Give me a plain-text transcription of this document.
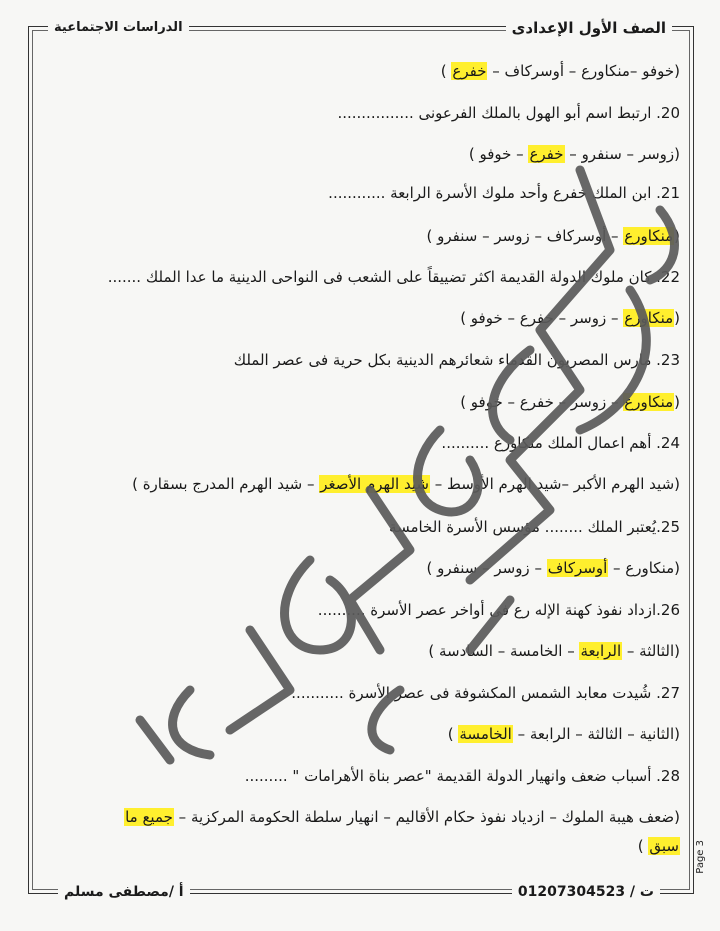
الصف الأول الإعدادى
الدراسات الاجتماعية
(خوفو –منكاورع – أوسركاف – خفرع )
20. ارتبط اسم أبو الهول بالملك الفرعونى ................
(زوسر – سنفرو – خفرع – خوفو )
21. ابن الملك خفرع وأحد ملوك الأسرة الرابعة ............
(منكاورع – أوسركاف – زوسر – سنفرو )
22. كان ملوك الدولة القديمة اكثر تضييقاً على الشعب فى النواحى الدينية ما عدا الملك .......
(منكاورع – زوسر – خفرع – خوفو )
23. مارس المصريون القدماء شعائرهم الدينية بكل حرية فى عصر الملك
(منكاورع – زوسر – خفرع – خوفو )
24. أهم اعمال الملك منكاورع ..........
(شيد الهرم الأكبر –شيد الهرم الأوسط – شيد الهرم الأصغر – شيد الهرم المدرج بسقارة )
25.يُعتبر الملك ........ مؤسس الأسرة الخامسة
(منكاورع – أوسركاف – زوسر – سنفرو )
26.ازداد نفوذ كهنة الإله رع فى أواخر عصر الأسرة ..........
(الثالثة – الرابعة – الخامسة – السادسة )
27. شُيدت معابد الشمس المكشوفة فى عصر الأسرة ...........
(الثانية – الثالثة – الرابعة – الخامسة )
28. أسباب ضعف وانهيار الدولة القديمة "عصر بناة الأهرامات " .........
(ضعف هيبة الملوك – ازدياد نفوذ حكام الأقاليم – انهيار سلطة الحكومة المركزية – جميع ما
سبق )	Page 3
ت / 01207304523
أ /مصطفى مسلم
